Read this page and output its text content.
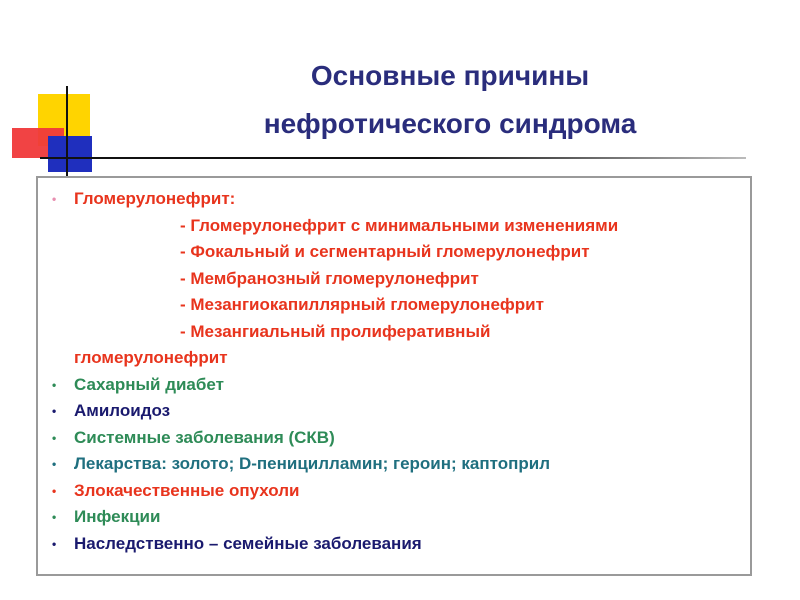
Основные причины
нефротического синдрома
• Гломерулонефрит:
- Гломерулонефрит с минимальными изменениями
- Фокальный и сегментарный гломерулонефрит
- Мембранозный гломерулонефрит
- Мезангиокапиллярный гломерулонефрит
- Мезангиальный пролиферативный
гломерулонефрит
• Сахарный диабет
• Амилоидоз
• Системные заболевания (СКВ)
• Лекарства: золото; D-пеницилламин; героин; каптоприл
• Злокачественные опухоли
• Инфекции
• Наследственно – семейные заболевания
